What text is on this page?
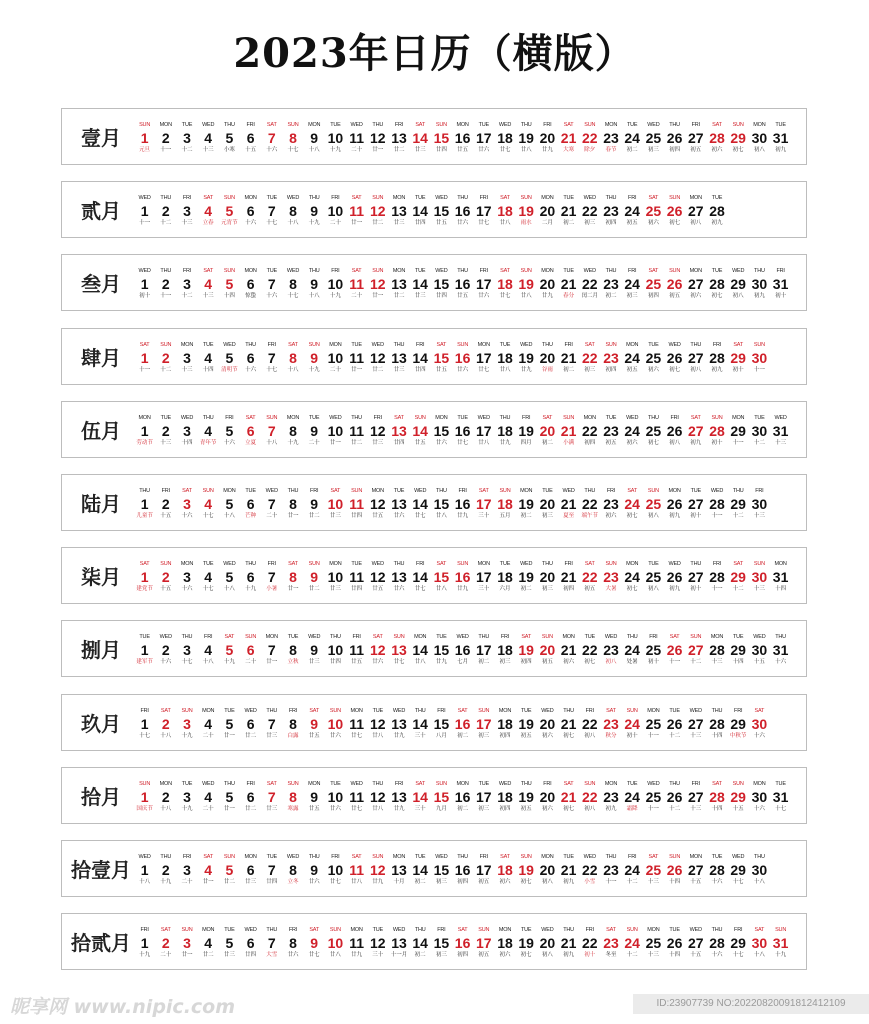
2023年日历（横版）
壹月
SUN
1
元旦
MON
2
十一
TUE
3
十二
WED
4
十三
THU
5
小寒
FRI
6
十五
SAT
7
十六
SUN
8
十七
MON
9
十八
TUE
10
十九
WED
11
二十
THU
12
廿一
FRI
13
廿二
SAT
14
廿三
SUN
15
廿四
MON
16
廿五
TUE
17
廿六
WED
18
廿七
THU
19
廿八
FRI
20
廿九
SAT
21
大寒
SUN
22
除夕
MON
23
春节
TUE
24
初二
WED
25
初三
THU
26
初四
FRI
27
初五
SAT
28
初六
SUN
29
初七
MON
30
初八
TUE
31
初九
贰月
WED
1
十一
THU
2
十二
FRI
3
十三
SAT
4
立春
SUN
5
元宵节
MON
6
十六
TUE
7
十七
WED
8
十八
THU
9
十九
FRI
10
二十
SAT
11
廿一
SUN
12
廿二
MON
13
廿三
TUE
14
廿四
WED
15
廿五
THU
16
廿六
FRI
17
廿七
SAT
18
廿八
SUN
19
雨水
MON
20
二月
TUE
21
初二
WED
22
初三
THU
23
初四
FRI
24
初五
SAT
25
初六
SUN
26
初七
MON
27
初八
TUE
28
初九
叁月
WED
1
初十
THU
2
十一
FRI
3
十二
SAT
4
十三
SUN
5
十四
MON
6
惊蛰
TUE
7
十六
WED
8
十七
THU
9
十八
FRI
10
十九
SAT
11
二十
SUN
12
廿一
MON
13
廿二
TUE
14
廿三
WED
15
廿四
THU
16
廿五
FRI
17
廿六
SAT
18
廿七
SUN
19
廿八
MON
20
廿九
TUE
21
春分
WED
22
闰二月
THU
23
初二
FRI
24
初三
SAT
25
初四
SUN
26
初五
MON
27
初六
TUE
28
初七
WED
29
初八
THU
30
初九
FRI
31
初十
肆月
SAT
1
十一
SUN
2
十二
MON
3
十三
TUE
4
十四
WED
5
清明节
THU
6
十六
FRI
7
十七
SAT
8
十八
SUN
9
十九
MON
10
二十
TUE
11
廿一
WED
12
廿二
THU
13
廿三
FRI
14
廿四
SAT
15
廿五
SUN
16
廿六
MON
17
廿七
TUE
18
廿八
WED
19
廿九
THU
20
谷雨
FRI
21
初二
SAT
22
初三
SUN
23
初四
MON
24
初五
TUE
25
初六
WED
26
初七
THU
27
初八
FRI
28
初九
SAT
29
初十
SUN
30
十一
伍月
MON
1
劳动节
TUE
2
十三
WED
3
十四
THU
4
青年节
FRI
5
十六
SAT
6
立夏
SUN
7
十八
MON
8
十九
TUE
9
二十
WED
10
廿一
THU
11
廿二
FRI
12
廿三
SAT
13
廿四
SUN
14
廿五
MON
15
廿六
TUE
16
廿七
WED
17
廿八
THU
18
廿九
FRI
19
四月
SAT
20
初二
SUN
21
小满
MON
22
初四
TUE
23
初五
WED
24
初六
THU
25
初七
FRI
26
初八
SAT
27
初九
SUN
28
初十
MON
29
十一
TUE
30
十二
WED
31
十三
陆月
THU
1
儿童节
FRI
2
十五
SAT
3
十六
SUN
4
十七
MON
5
十八
TUE
6
芒种
WED
7
二十
THU
8
廿一
FRI
9
廿二
SAT
10
廿三
SUN
11
廿四
MON
12
廿五
TUE
13
廿六
WED
14
廿七
THU
15
廿八
FRI
16
廿九
SAT
17
三十
SUN
18
五月
MON
19
初二
TUE
20
初三
WED
21
夏至
THU
22
端午节
FRI
23
初六
SAT
24
初七
SUN
25
初八
MON
26
初九
TUE
27
初十
WED
28
十一
THU
29
十二
FRI
30
十三
柒月
SAT
1
建党节
SUN
2
十五
MON
3
十六
TUE
4
十七
WED
5
十八
THU
6
十九
FRI
7
小暑
SAT
8
廿一
SUN
9
廿二
MON
10
廿三
TUE
11
廿四
WED
12
廿五
THU
13
廿六
FRI
14
廿七
SAT
15
廿八
SUN
16
廿九
MON
17
三十
TUE
18
六月
WED
19
初二
THU
20
初三
FRI
21
初四
SAT
22
初五
SUN
23
大暑
MON
24
初七
TUE
25
初八
WED
26
初九
THU
27
初十
FRI
28
十一
SAT
29
十二
SUN
30
十三
MON
31
十四
捌月
TUE
1
建军节
WED
2
十六
THU
3
十七
FRI
4
十八
SAT
5
十九
SUN
6
二十
MON
7
廿一
TUE
8
立秋
WED
9
廿三
THU
10
廿四
FRI
11
廿五
SAT
12
廿六
SUN
13
廿七
MON
14
廿八
TUE
15
廿九
WED
16
七月
THU
17
初二
FRI
18
初三
SAT
19
初四
SUN
20
初五
MON
21
初六
TUE
22
初七
WED
23
初八
THU
24
处暑
FRI
25
初十
SAT
26
十一
SUN
27
十二
MON
28
十三
TUE
29
十四
WED
30
十五
THU
31
十六
玖月
FRI
1
十七
SAT
2
十八
SUN
3
十九
MON
4
二十
TUE
5
廿一
WED
6
廿二
THU
7
廿三
FRI
8
白露
SAT
9
廿五
SUN
10
廿六
MON
11
廿七
TUE
12
廿八
WED
13
廿九
THU
14
三十
FRI
15
八月
SAT
16
初二
SUN
17
初三
MON
18
初四
TUE
19
初五
WED
20
初六
THU
21
初七
FRI
22
初八
SAT
23
秋分
SUN
24
初十
MON
25
十一
TUE
26
十二
WED
27
十三
THU
28
十四
FRI
29
中秋节
SAT
30
十六
拾月
SUN
1
国庆节
MON
2
十八
TUE
3
十九
WED
4
二十
THU
5
廿一
FRI
6
廿二
SAT
7
廿三
SUN
8
寒露
MON
9
廿五
TUE
10
廿六
WED
11
廿七
THU
12
廿八
FRI
13
廿九
SAT
14
三十
SUN
15
九月
MON
16
初二
TUE
17
初三
WED
18
初四
THU
19
初五
FRI
20
初六
SAT
21
初七
SUN
22
初八
MON
23
初九
TUE
24
霜降
WED
25
十一
THU
26
十二
FRI
27
十三
SAT
28
十四
SUN
29
十五
MON
30
十六
TUE
31
十七
拾壹月
WED
1
十八
THU
2
十九
FRI
3
二十
SAT
4
廿一
SUN
5
廿二
MON
6
廿三
TUE
7
廿四
WED
8
立冬
THU
9
廿六
FRI
10
廿七
SAT
11
廿八
SUN
12
廿九
MON
13
十月
TUE
14
初二
WED
15
初三
THU
16
初四
FRI
17
初五
SAT
18
初六
SUN
19
初七
MON
20
初八
TUE
21
初九
WED
22
小雪
THU
23
十一
FRI
24
十二
SAT
25
十三
SUN
26
十四
MON
27
十五
TUE
28
十六
WED
29
十七
THU
30
十八
拾贰月
FRI
1
十九
SAT
2
二十
SUN
3
廿一
MON
4
廿二
TUE
5
廿三
WED
6
廿四
THU
7
大雪
FRI
8
廿六
SAT
9
廿七
SUN
10
廿八
MON
11
廿九
TUE
12
三十
WED
13
十一月
THU
14
初二
FRI
15
初三
SAT
16
初四
SUN
17
初五
MON
18
初六
TUE
19
初七
WED
20
初八
THU
21
初九
FRI
22
初十
SAT
23
冬至
SUN
24
十二
MON
25
十三
TUE
26
十四
WED
27
十五
THU
28
十六
FRI
29
十七
SAT
30
十八
SUN
31
十九
昵享网 www.nipic.com	ID:23907739 NO:20220820091812412109
